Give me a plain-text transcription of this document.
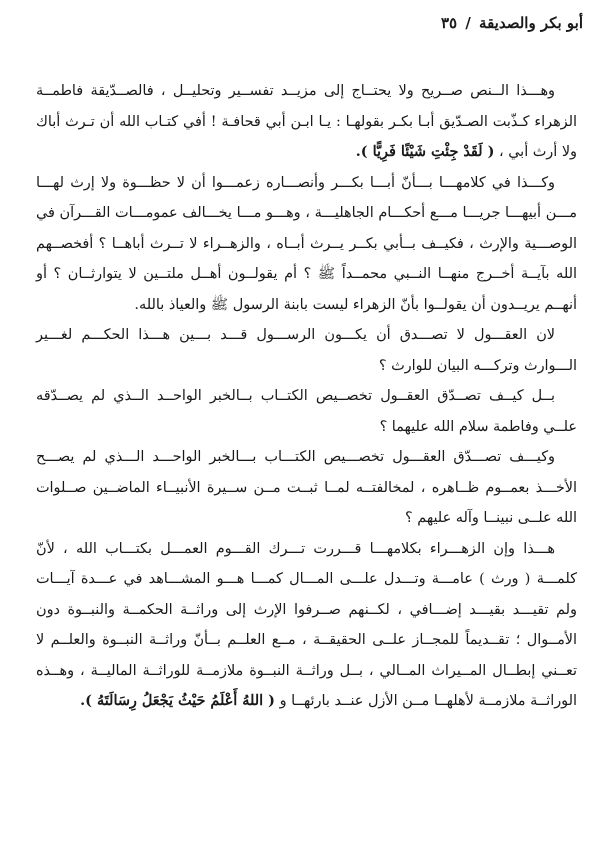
أبو بكر والصديقة / ٣٥

وهـــذا الــنص صــريح ولا يحتــاج إلى مزيــد تفســير وتحليــل ، فالصــدّيقة فاطمــة الزهراء كـذّبت الصـدّيق أبـا بكـر بقولهـا : يـا ابـن أبي قحافـة ! أفي كتـاب الله أن تـرث أباك ولا أرث أبي ، ( لَقَدْ جِئْتِ شَيْئًا فَرِيًّا ).

وكـــذا في كلامهـــا بـــأنّ أبـــا بكـــر وأنصـــاره زعمـــوا أن لا حظـــوة ولا إرث لهـــا مـــن أبيهـــا جريـــا مـــع أحكـــام الجاهليـــة ، وهـــو مـــا يخـــالف عمومـــات القـــرآن في الوصـــية والإرث ، فكيــف بــأبي بكــر يــرث أبــاه ، والزهــراء لا تــرث أباهــا ؟ أفخصــهم الله بآيــة أخــرج منهــا النــبي محمــداً ﷺ ؟ أم يقولــون أهــل ملتــين لا يتوارثــان ؟ أو أنهــم يريــدون أن يقولــوا بأنّ الزهراء ليست بابنة الرسول ﷺ والعياذ بالله.

لان العقـــول لا تصـــدق أن يكـــون الرســـول قـــد بـــين هـــذا الحكـــم لغـــير الـــوارث وتركـــه البيان للوارث ؟

بــل كيــف تصــدّق العقــول تخصــيص الكتــاب بــالخبر الواحــد الــذي لم يصــدّقه علــي وفاطمة سلام الله عليهما ؟

وكيـــف تصـــدّق العقـــول تخصـــيص الكتـــاب بـــالخبر الواحـــد الـــذي لم يصـــح الأخـــذ بعمــوم ظــاهره ، لمخالفتــه لمــا ثبــت مــن ســيرة الأنبيــاء الماضــين صــلوات الله علــى نبينــا وآله عليهم ؟

هـــذا وإن الزهـــراء بكلامهـــا قـــررت تـــرك القـــوم العمـــل بكتـــاب الله ، لأنّ كلمـــة ( ورث ) عامـــة وتـــدل علـــى المـــال كمـــا هـــو المشـــاهد في عـــدة آيـــات ولم تقيـــد بقيـــد إضـــافي ، لكــنهم صــرفوا الإرث إلى وراثــة الحكمــة والنبــوة دون الأمــوال ؛ تقــديماً للمجــاز علــى الحقيقــة ، مــع العلــم بــأنّ وراثــة النبــوة والعلــم لا تعــني إبطــال المــيراث المــالي ، بــل وراثــة النبــوة ملازمــة للوراثــة الماليــة ، وهــذه الوراثــة ملازمــة لأهلهــا مــن الأزل عنــد بارئهــا و ( اللهُ أَعْلَمُ حَيْثُ يَجْعَلُ رِسَالَتَهُ ).
